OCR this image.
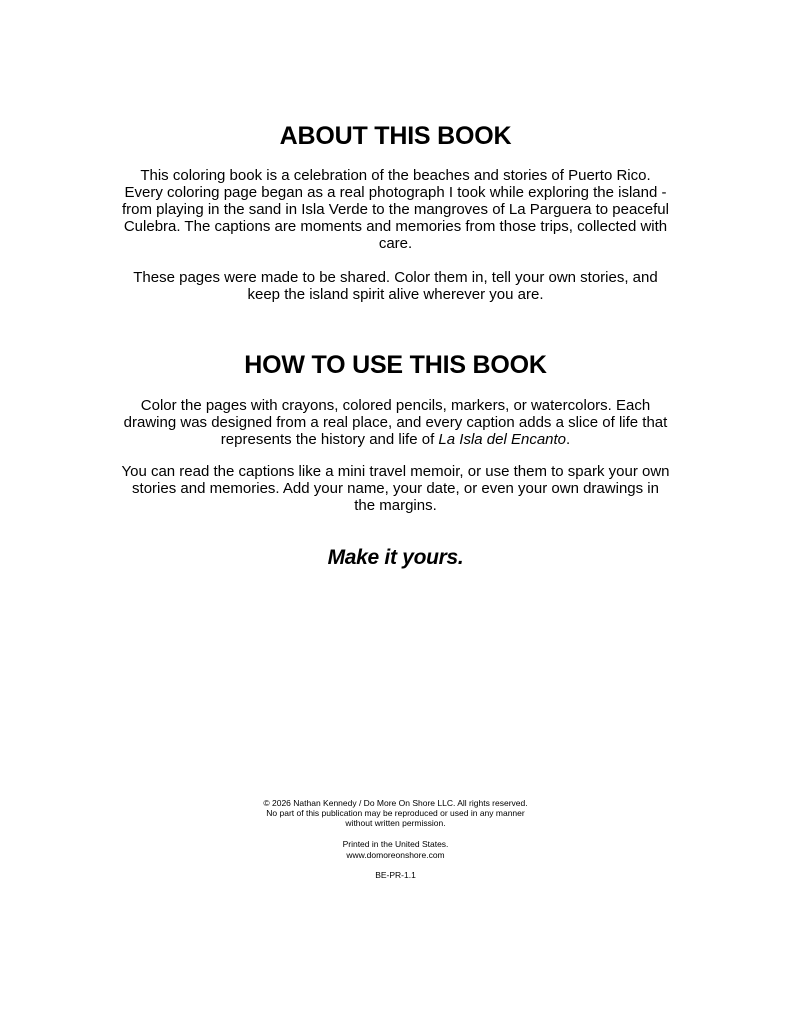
ABOUT THIS BOOK

This coloring book is a celebration of the beaches and stories of Puerto Rico. Every coloring page began as a real photograph I took while exploring the island - from playing in the sand in Isla Verde to the mangroves of La Parguera to peaceful Culebra. The captions are moments and memories from those trips, collected with care.

These pages were made to be shared. Color them in, tell your own stories, and keep the island spirit alive wherever you are.

HOW TO USE THIS BOOK

Color the pages with crayons, colored pencils, markers, or watercolors. Each drawing was designed from a real place, and every caption adds a slice of life that represents the history and life of La Isla del Encanto.

You can read the captions like a mini travel memoir, or use them to spark your own stories and memories. Add your name, your date, or even your own drawings in the margins.

Make it yours.

© 2026 Nathan Kennedy / Do More On Shore LLC. All rights reserved.

No part of this publication may be reproduced or used in any manner

without written permission.

Printed in the United States.

www.domoreonshore.com

BE-PR-1.1
